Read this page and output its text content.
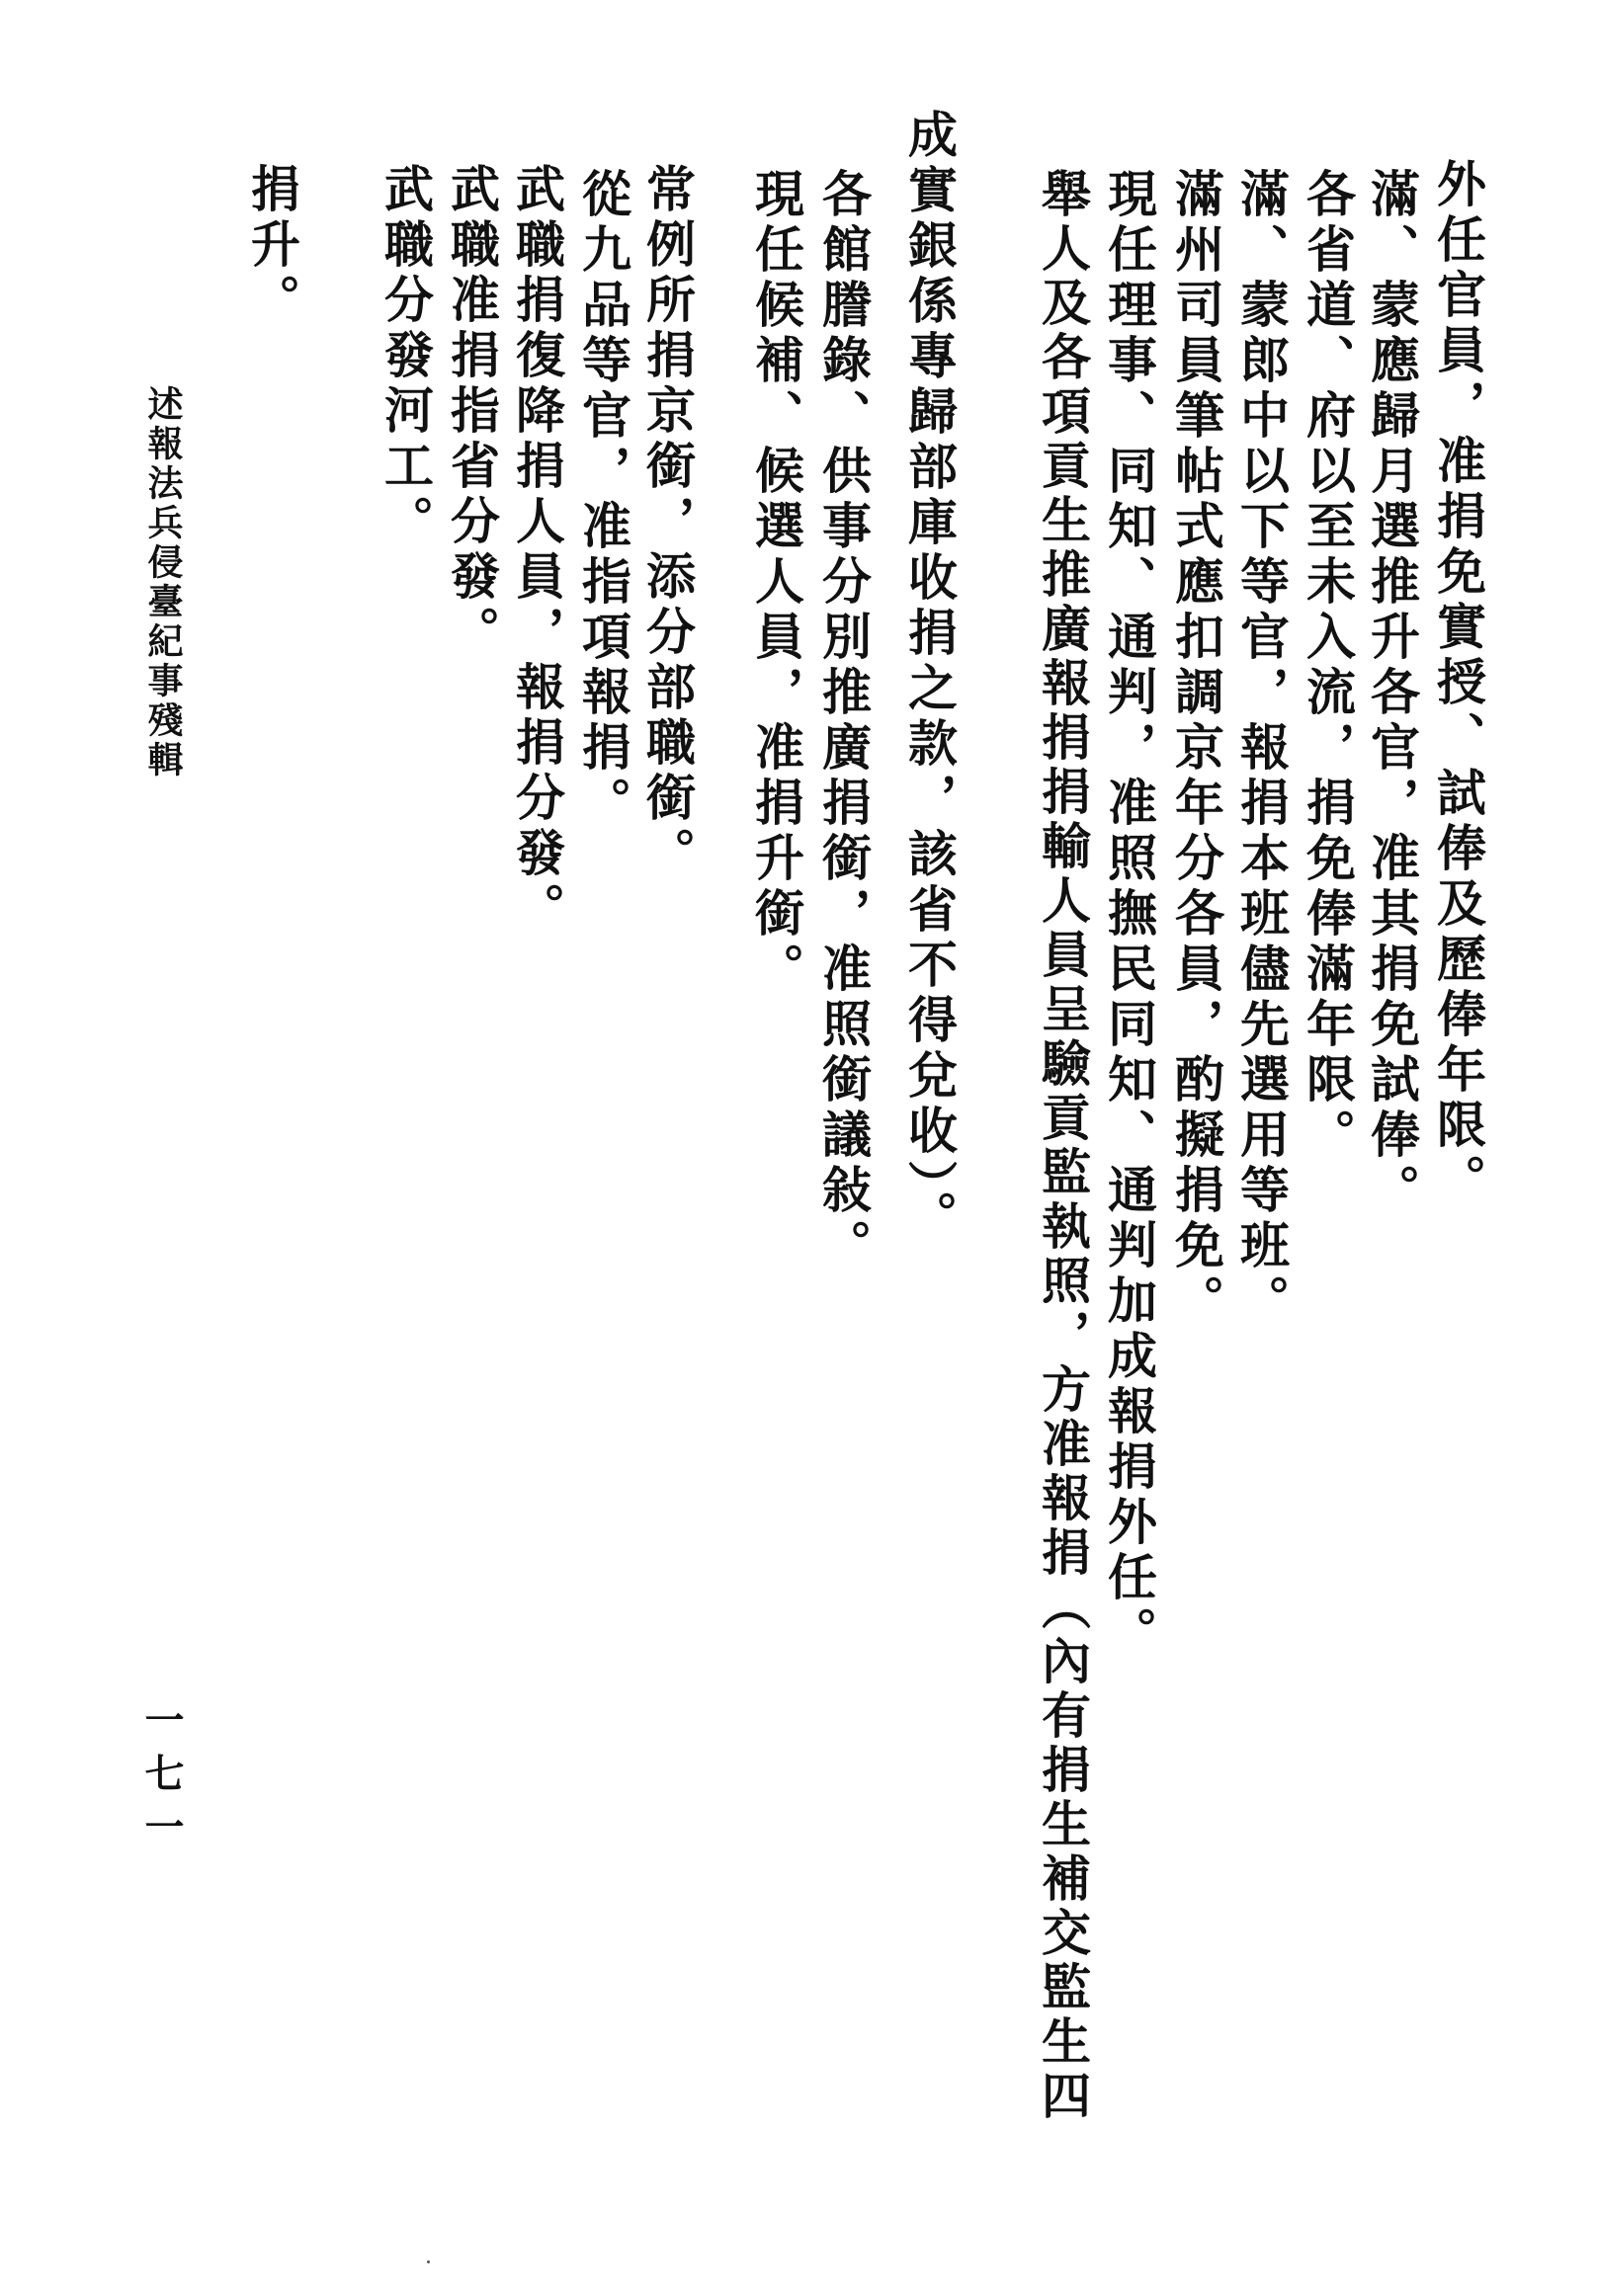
述報法兵侵臺紀事殘輯	外任官員，准捐免實授、試俸及歷俸年限。
滿、蒙應歸月選推升各官，准其捐免試俸。
各省道、府以至未入流，捐免俸滿年限。
滿、蒙郎中以下等官，報捐本班儘先選用等班。
滿州司員筆帖式應扣調京年分各員，酌擬捐免。
現任理事、同知、通判，准照撫民同知、通判加成報捐外任。
舉人及各項貢生推廣報捐捐輸人員呈驗貢監執照，方准報捐（內有捐生補交監生四
成實銀係專歸部庫收捐之款，該省不得兌收）。
各館謄錄、供事分別推廣捐銜，准照銜議敍。
現任候補、候選人員，准捐升銜。
常例所捐京銜，添分部職銜。
從九品等官，准指項報捐。
武職捐復降捐人員，報捐分發。
武職准捐指省分發。
武職分發河工。
捐升。
一七一
